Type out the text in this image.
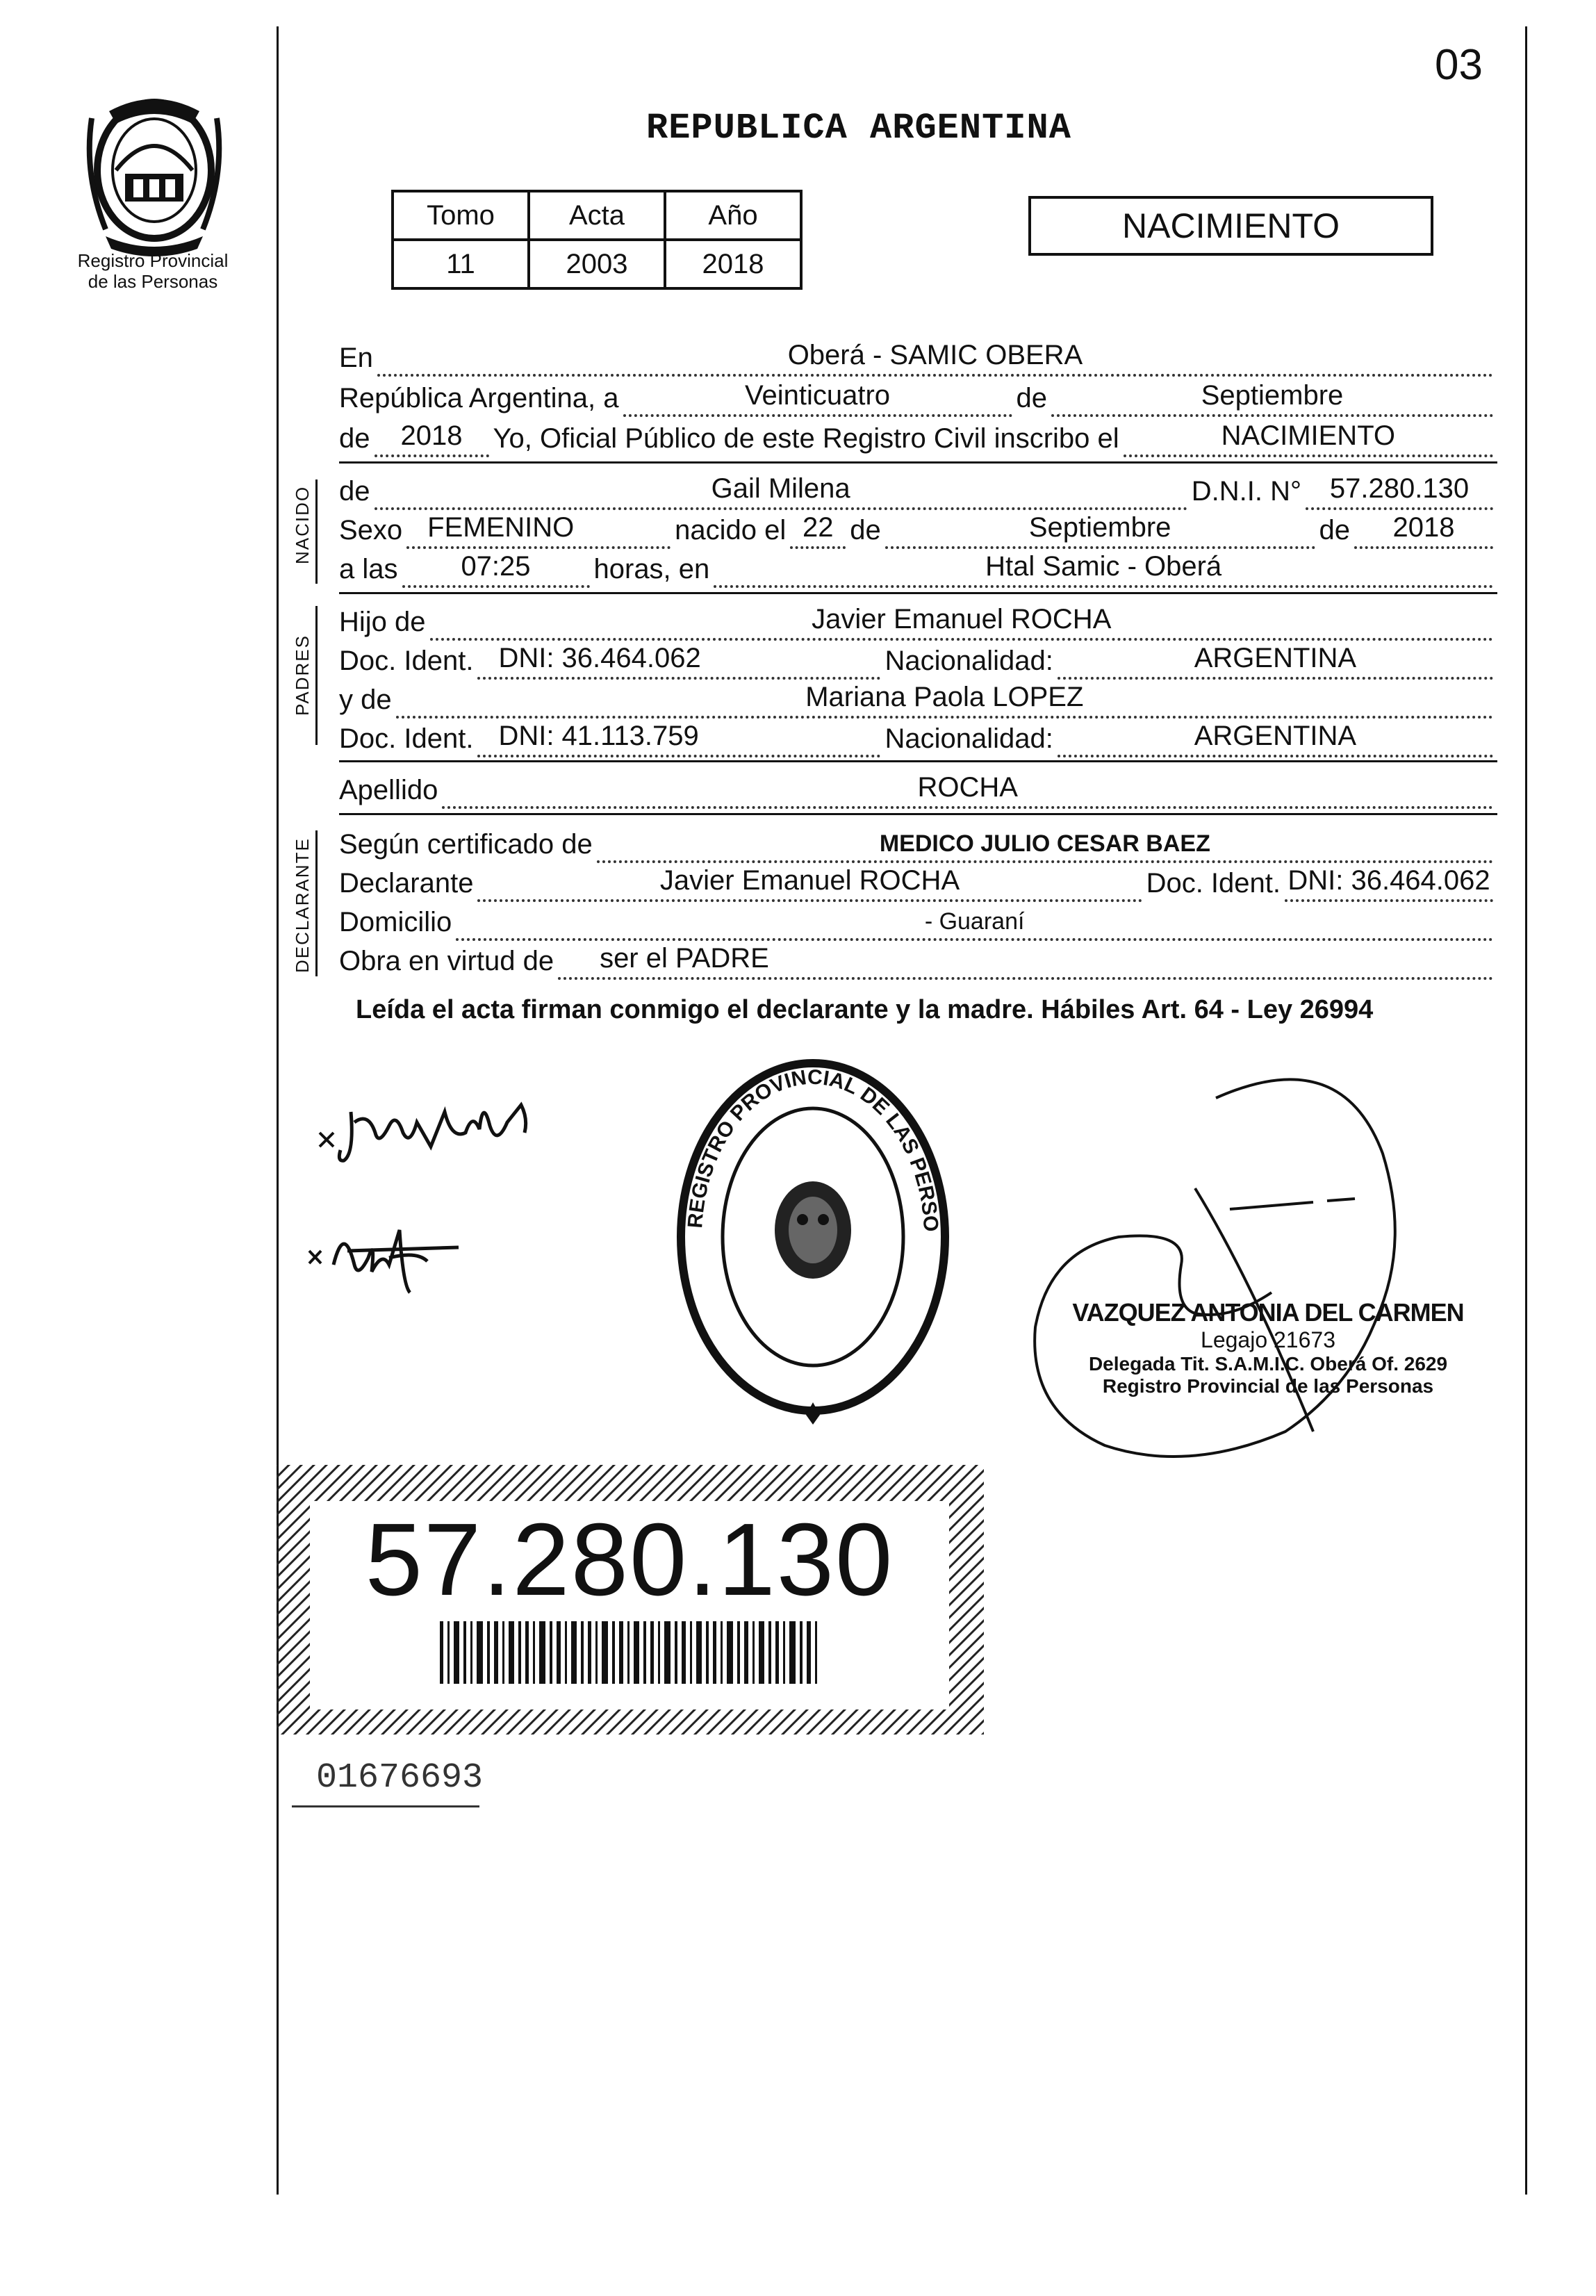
03
Registro Provincial
de las Personas
REPUBLICA ARGENTINA
Tomo	Acta	Año
11	2003	2018
NACIMIENTO
En	Oberá - SAMIC OBERA
República Argentina, a	Veinticuatro	de	Septiembre
de	2018	Yo, Oficial Público de este Registro Civil inscribo el	NACIMIENTO
NACIDO de	Gail Milena	D.N.I. N°	57.280.130
Sexo FEMENINO	nacido el 22 de	Septiembre	de	2018
a las	07:25	horas, en	Htal Samic - Oberá
PADRES
Hijo de	Javier Emanuel ROCHA
Doc. Ident. DNI: 36.464.062	Nacionalidad:	ARGENTINA
y de	Mariana Paola LOPEZ
Doc. Ident. DNI: 41.113.759	Nacionalidad:	ARGENTINA
Apellido	ROCHA
DECLARANTE Según certificado de	MEDICO JULIO CESAR BAEZ
Declarante	Javier Emanuel ROCHA	Doc. Ident. DNI: 36.464.062
Domicilio	- Guaraní
Obra en virtud de ser el PADRE
Leída el acta firman conmigo el declarante y la madre. Hábiles Art. 64 - Ley 26994
REGISTRO PROVINCIAL DE LAS PERSO
VAZQUEZ ANTONIA DEL CARMEN
Legajo 21673
Delegada Tit. S.A.M.I.C. Oberá Of. 2629
Registro Provincial de las Personas
57.280.130
01676693
